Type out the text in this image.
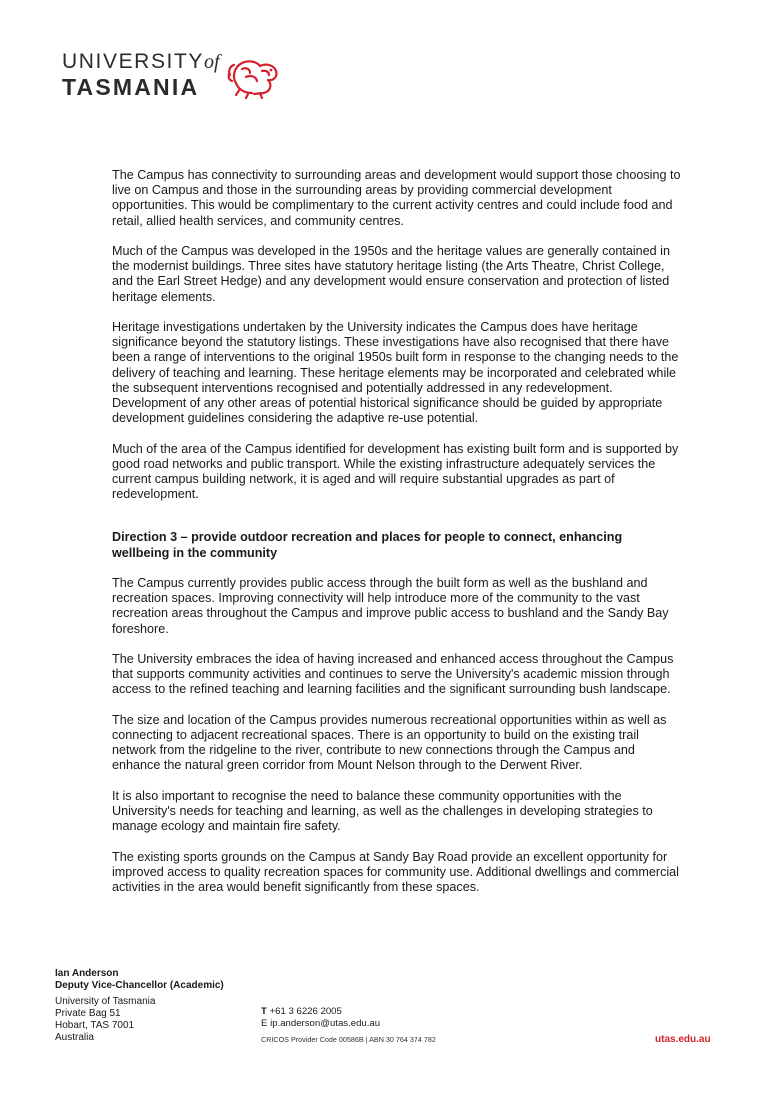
UNIVERSITYof
TASMANIA

The Campus has connectivity to surrounding areas and development would support those choosing to live on Campus and those in the surrounding areas by providing commercial development opportunities. This would be complimentary to the current activity centres and could include food and retail, allied health services, and community centres.

Much of the Campus was developed in the 1950s and the heritage values are generally contained in the modernist buildings. Three sites have statutory heritage listing (the Arts Theatre, Christ College, and the Earl Street Hedge) and any development would ensure conservation and protection of listed heritage elements.

Heritage investigations undertaken by the University indicates the Campus does have heritage significance beyond the statutory listings. These investigations have also recognised that there have been a range of interventions to the original 1950s built form in response to the changing needs to the delivery of teaching and learning. These heritage elements may be incorporated and celebrated while the subsequent interventions recognised and potentially addressed in any redevelopment. Development of any other areas of potential historical significance should be guided by appropriate development guidelines considering the adaptive re-use potential.

Much of the area of the Campus identified for development has existing built form and is supported by good road networks and public transport. While the existing infrastructure adequately services the current campus building network, it is aged and will require substantial upgrades as part of redevelopment.

Direction 3 – provide outdoor recreation and places for people to connect, enhancing wellbeing in the community

The Campus currently provides public access through the built form as well as the bushland and recreation spaces. Improving connectivity will help introduce more of the community to the vast recreation areas throughout the Campus and improve public access to bushland and the Sandy Bay foreshore.

The University embraces the idea of having increased and enhanced access throughout the Campus that supports community activities and continues to serve the University's academic mission through access to the refined teaching and learning facilities and the significant surrounding bush landscape.

The size and location of the Campus provides numerous recreational opportunities within as well as connecting to adjacent recreational spaces. There is an opportunity to build on the existing trail network from the ridgeline to the river, contribute to new connections through the Campus and enhance the natural green corridor from Mount Nelson through to the Derwent River.

It is also important to recognise the need to balance these community opportunities with the University's needs for teaching and learning, as well as the challenges in developing strategies to manage ecology and maintain fire safety.

The existing sports grounds on the Campus at Sandy Bay Road provide an excellent opportunity for improved access to quality recreation spaces for community use. Additional dwellings and commercial activities in the area would benefit significantly from these spaces.

Ian Anderson
Deputy Vice-Chancellor (Academic)
University of Tasmania
Private Bag 51
Hobart, TAS 7001
Australia
T +61 3 6226 2005
E ip.anderson@utas.edu.au
CRICOS Provider Code 00586B | ABN 30 764 374 782	utas.edu.au
